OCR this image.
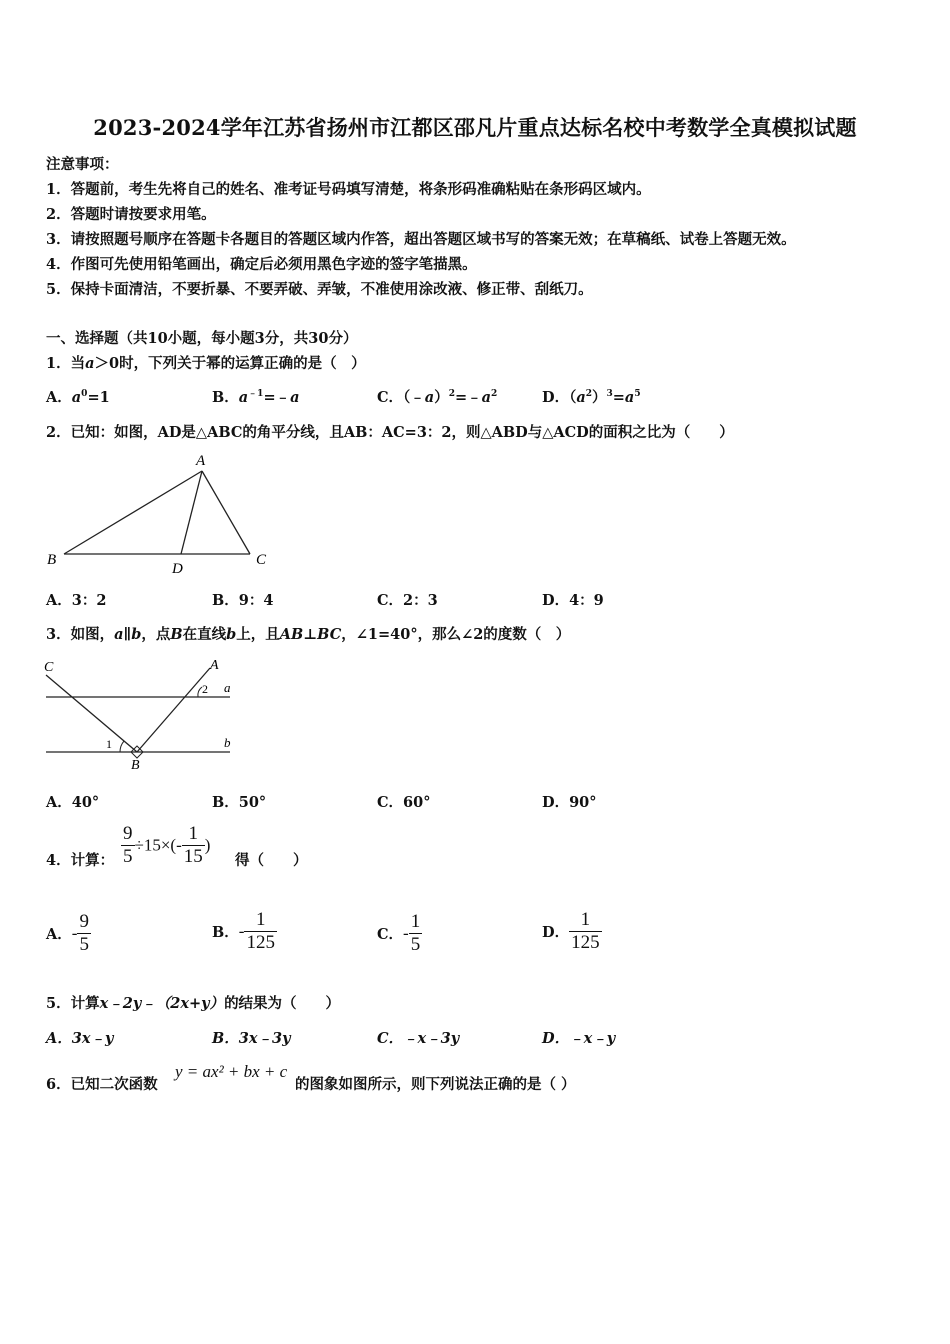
2023-2024学年江苏省扬州市江都区邵凡片重点达标名校中考数学全真模拟试题
注意事项：
1．答题前，考生先将自己的姓名、准考证号码填写清楚，将条形码准确粘贴在条形码区域内。
2．答题时请按要求用笔。
3．请按照题号顺序在答题卡各题目的答题区域内作答，超出答题区域书写的答案无效；在草稿纸、试卷上答题无效。
4．作图可先使用铅笔画出，确定后必须用黑色字迹的签字笔描黑。
5．保持卡面清洁，不要折暴、不要弄破、弄皱，不准使用涂改液、修正带、刮纸刀。
一、选择题（共10小题，每小题3分，共30分）
1．当a＞0时，下列关于幂的运算正确的是（　）
A．$a^0=1$	B．$a^{﹣1}=﹣a$	C．$(﹣a)^2=﹣a^2$	D．$(a^2)^3=a^5$
2．已知：如图，AD是△ABC的角平分线，且AB：AC=3：2，则△ABD与△ACD的面积之比为（　　）
A
B	C
D
A．3：2	B．9：4	C．2：3	D．4：9
3．如图，a∥b，点B在直线b上，且AB⊥BC，∠1=40°，那么∠2的度数（　）
C	A
2 a
1	b
B
A．40°	B．50°	C．60°	D．90°
4．计算： $\frac{9}{5} \div 15\times(- \frac{1}{15}$ )
得（　　）
A．- $\frac{9}{5}$	B．- $\frac{1}{125}$	C．- $\frac{1}{5}$	D． $\frac{1}{125}$
5．计算x﹣2y﹣（2x+y）的结果为（　　）
A．3x﹣y	B．3x﹣3y	C．﹣x﹣3y	D．﹣x﹣y
6．已知二次函数
y = ax² + bx + c
的图象如图所示，则下列说法正确的是（ ）
